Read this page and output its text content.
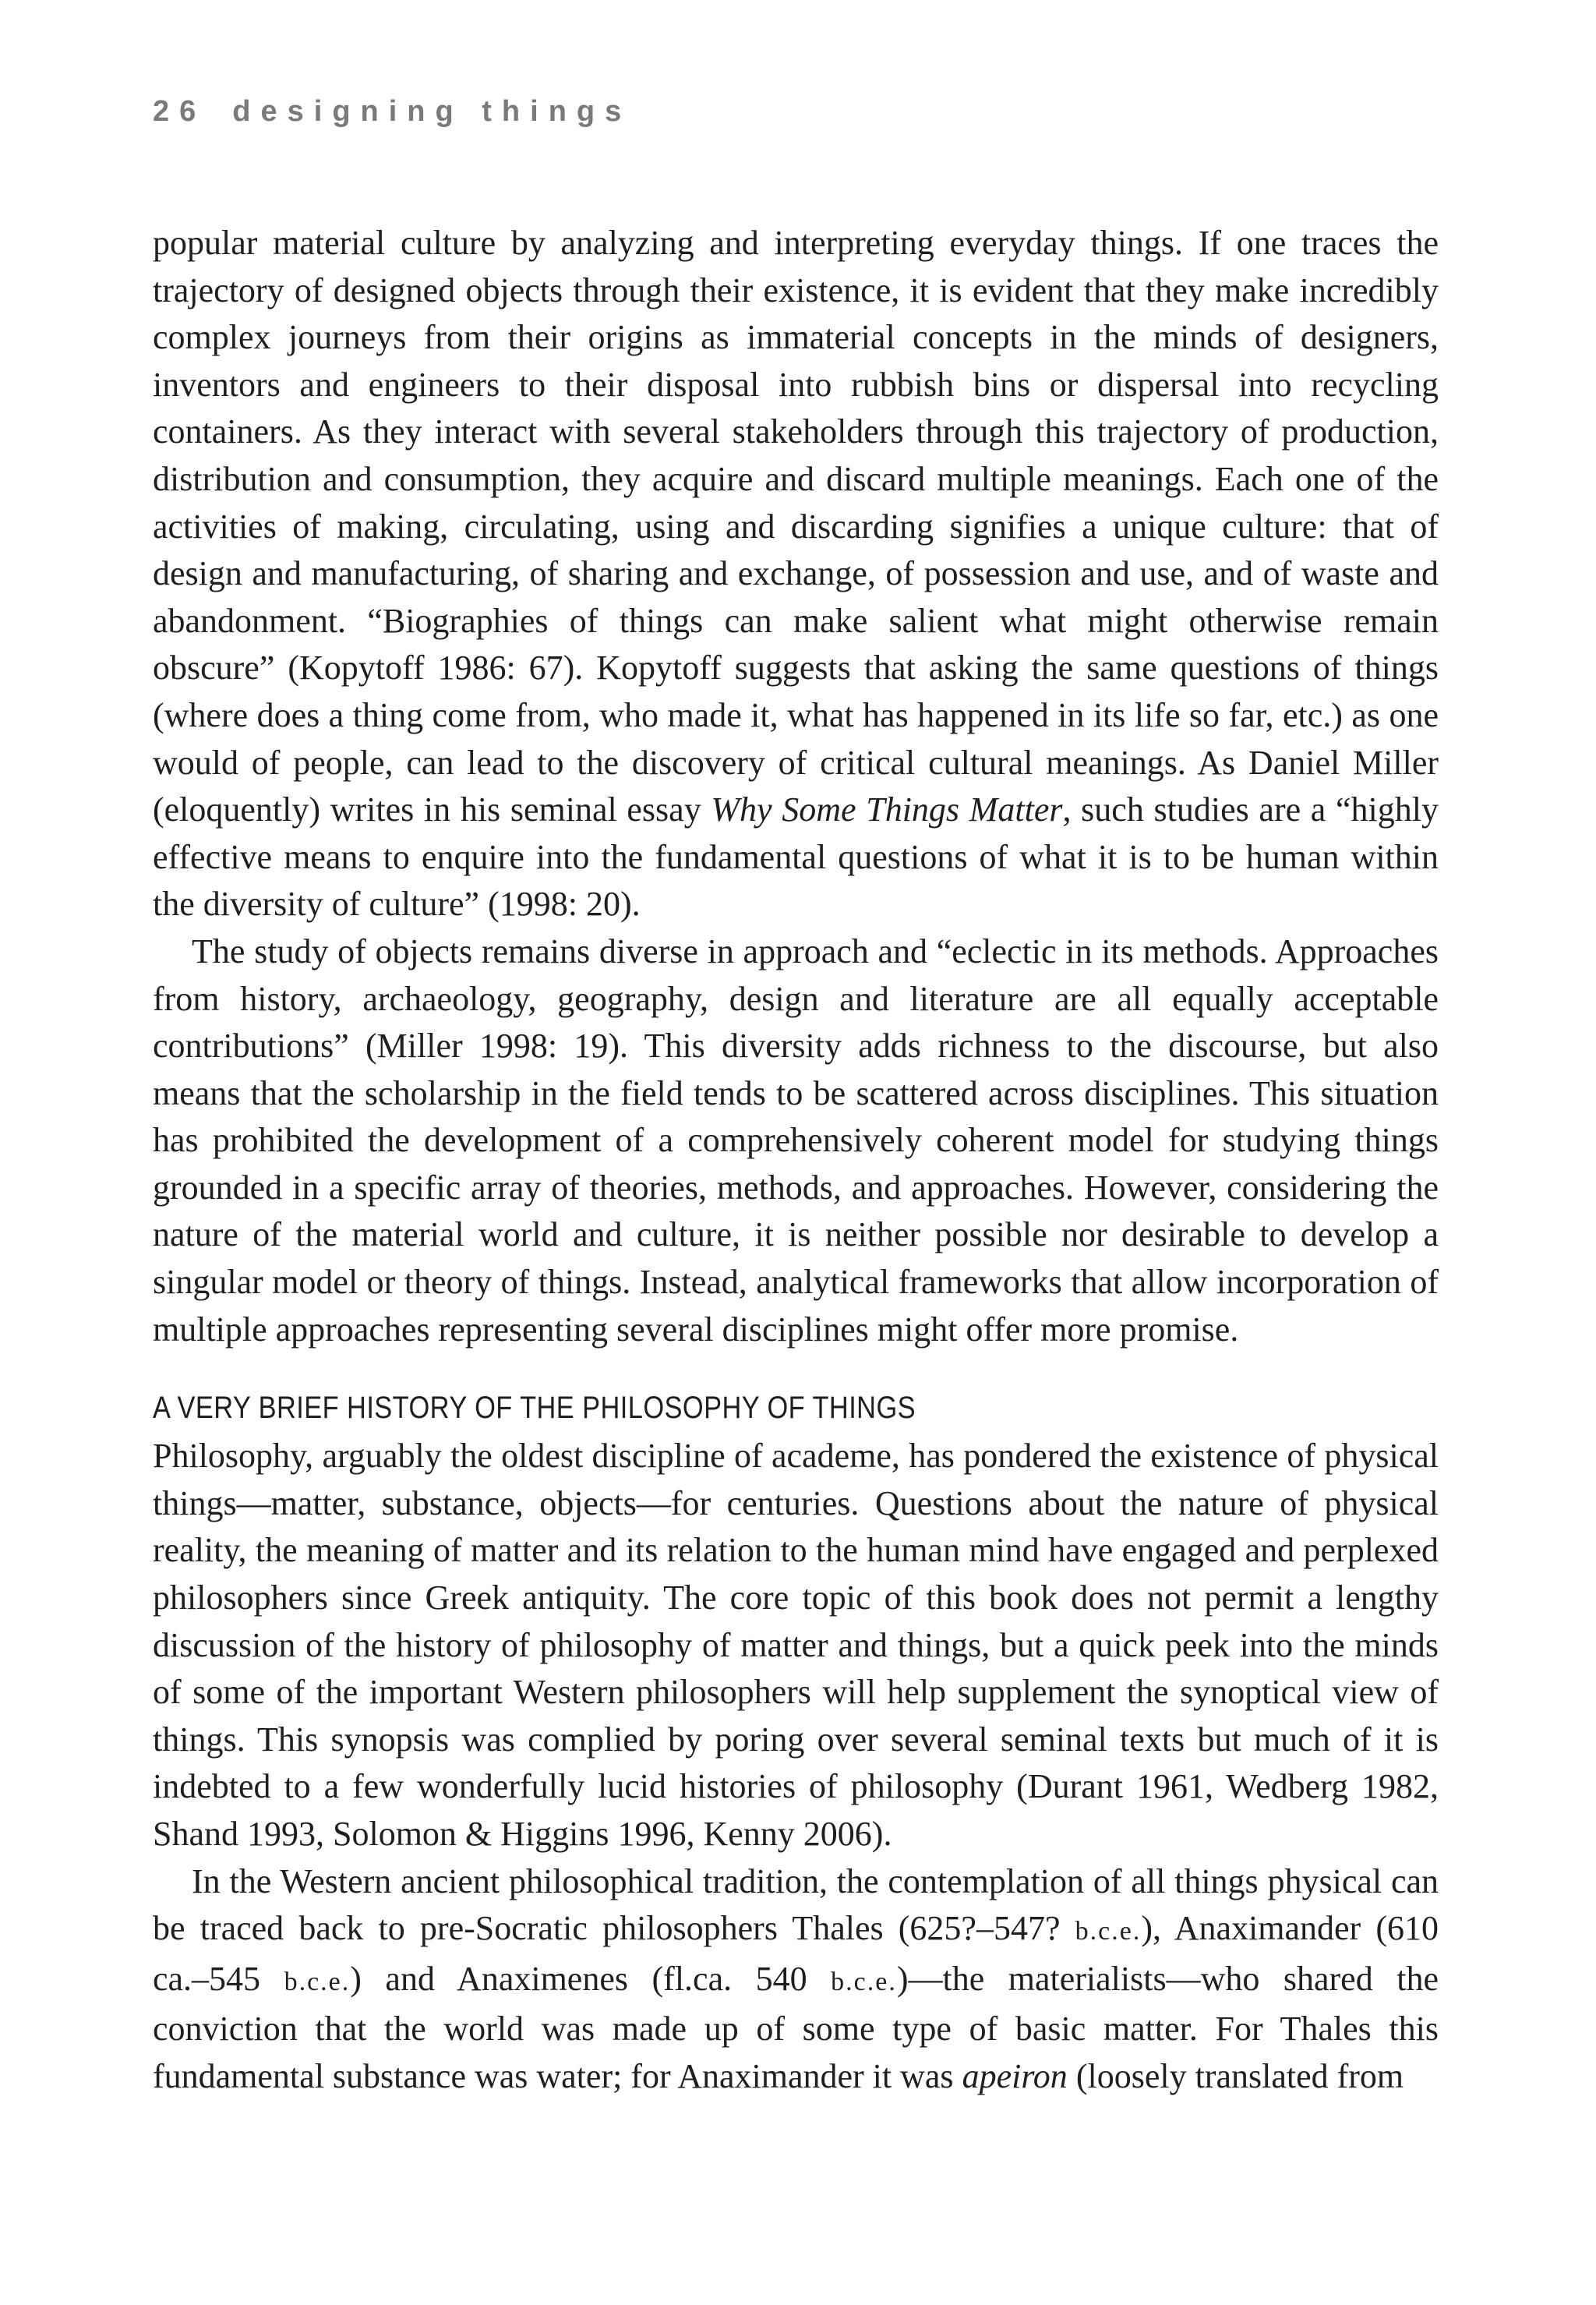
26 designing things

popular material culture by analyzing and interpreting everyday things. If one traces the trajectory of designed objects through their existence, it is evident that they make incredibly complex journeys from their origins as immaterial concepts in the minds of designers, inventors and engineers to their disposal into rubbish bins or dispersal into recycling containers. As they interact with several stakeholders through this trajectory of production, distribution and consumption, they acquire and discard multiple meanings. Each one of the activities of making, circulating, using and discarding signifies a unique culture: that of design and manufacturing, of sharing and exchange, of possession and use, and of waste and abandonment. “Biographies of things can make salient what might otherwise remain obscure” (Kopytoff 1986: 67). Kopytoff suggests that asking the same questions of things (where does a thing come from, who made it, what has happened in its life so far, etc.) as one would of people, can lead to the discovery of critical cultural meanings. As Daniel Miller (eloquently) writes in his seminal essay Why Some Things Matter, such studies are a “highly effective means to enquire into the fundamental questions of what it is to be human within the diversity of culture” (1998: 20).

The study of objects remains diverse in approach and “eclectic in its methods. Approaches from history, archaeology, geography, design and literature are all equally acceptable contributions” (Miller 1998: 19). This diversity adds richness to the discourse, but also means that the scholarship in the field tends to be scattered across disciplines. This situation has prohibited the development of a comprehensively coherent model for studying things grounded in a specific array of theories, methods, and approaches. However, considering the nature of the material world and culture, it is neither possible nor desirable to develop a singular model or theory of things. Instead, analytical frameworks that allow incorporation of multiple approaches representing several disciplines might offer more promise.

A VERY BRIEF HISTORY OF THE PHILOSOPHY OF THINGS

Philosophy, arguably the oldest discipline of academe, has pondered the existence of physical things—matter, substance, objects—for centuries. Questions about the nature of physical reality, the meaning of matter and its relation to the human mind have engaged and perplexed philosophers since Greek antiquity. The core topic of this book does not permit a lengthy discussion of the history of philosophy of matter and things, but a quick peek into the minds of some of the important Western philosophers will help supplement the synoptical view of things. This synopsis was complied by poring over several seminal texts but much of it is indebted to a few wonderfully lucid histories of philosophy (Durant 1961, Wedberg 1982, Shand 1993, Solomon & Higgins 1996, Kenny 2006).

In the Western ancient philosophical tradition, the contemplation of all things physical can be traced back to pre-Socratic philosophers Thales (625?–547? b.c.e.), Anaximander (610 ca.–545 b.c.e.) and Anaximenes (fl.ca. 540 b.c.e.)—the materialists—who shared the conviction that the world was made up of some type of basic matter. For Thales this fundamental substance was water; for Anaximander it was apeiron (loosely translated from
